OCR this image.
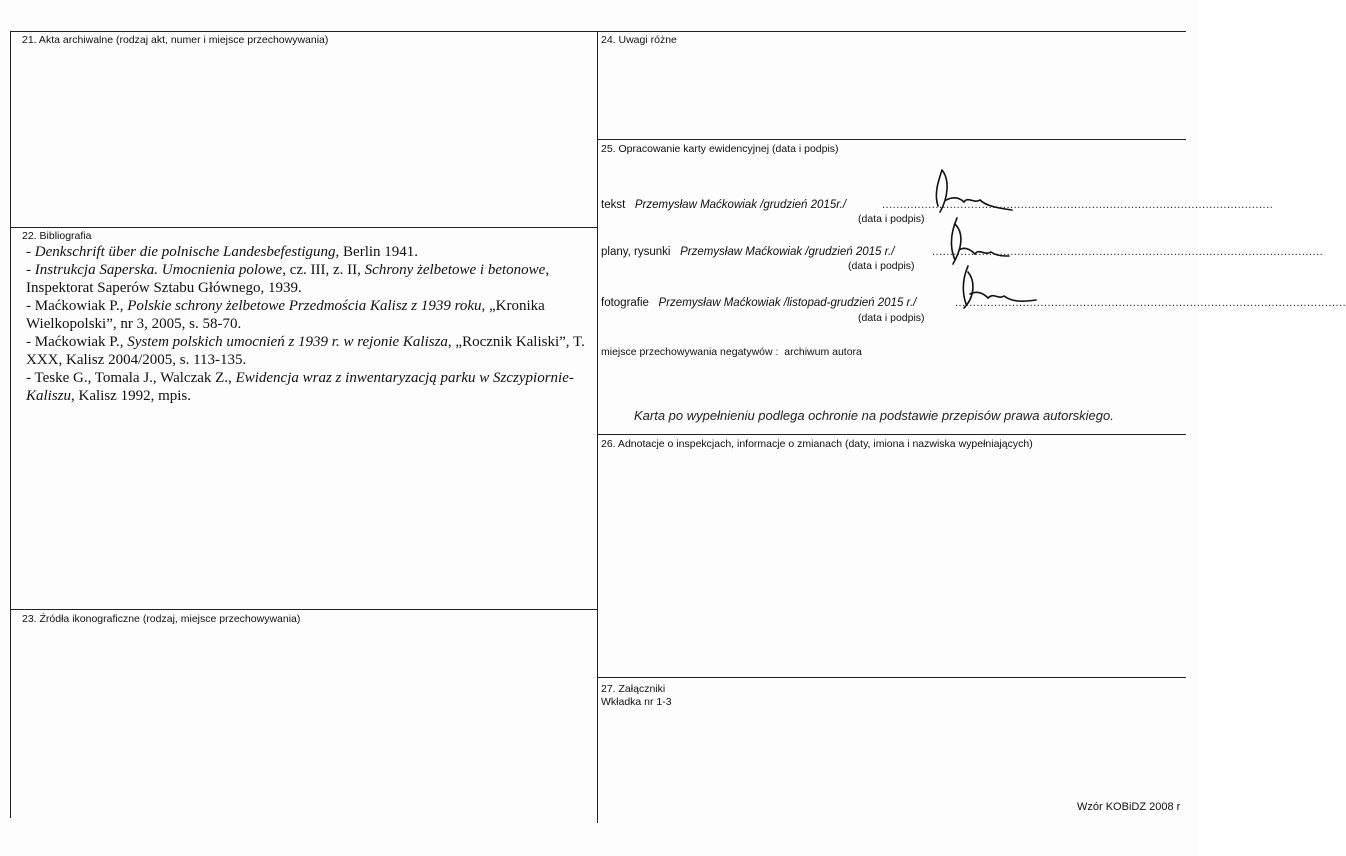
21. Akta archiwalne (rodzaj akt, numer i miejsce przechowywania)
22. Bibliografia
23. Źródła ikonograficzne (rodzaj, miejsce przechowywania)
24. Uwagi różne
25. Opracowanie karty ewidencyjnej (data i podpis)
26. Adnotacje o inspekcjach, informacje o zmianach (daty, imiona i nazwiska wypełniających)
27. Załączniki
Wkładka nr 1-3

- Denkschrift über die polnische Landesbefestigung, Berlin 1941.

- Instrukcja Saperska. Umocnienia polowe, cz. III, z. II, Schrony żelbetowe i betonowe, Inspektorat Saperów Sztabu Głównego, 1939.

- Maćkowiak P., Polskie schrony żelbetowe Przedmościa Kalisz z 1939 roku, „Kronika Wielkopolski”, nr 3, 2005, s. 58-70.

- Maćkowiak P., System polskich umocnień z 1939 r. w rejonie Kalisza, „Rocznik Kaliski”, T. XXX, Kalisz 2004/2005, s. 113-135.

- Teske G., Tomala J., Walczak Z., Ewidencja wraz z inwentaryzacją parku w Szczypiornie-Kaliszu, Kalisz 1992, mpis.

tekst Przemysław Maćkowiak /grudzień 2015r./	..............................................................................................................
(data i podpis)
plany, rysunki Przemysław Maćkowiak /grudzień 2015 r./	..............................................................................................................
(data i podpis)
fotografie Przemysław Maćkowiak /listopad-grudzień 2015 r./	..............................................................................................................
(data i podpis)
miejsce przechowywania negatywów : archiwum autora
Karta po wypełnieniu podlega ochronie na podstawie przepisów prawa autorskiego.
Wzór KOBiDZ 2008 r
